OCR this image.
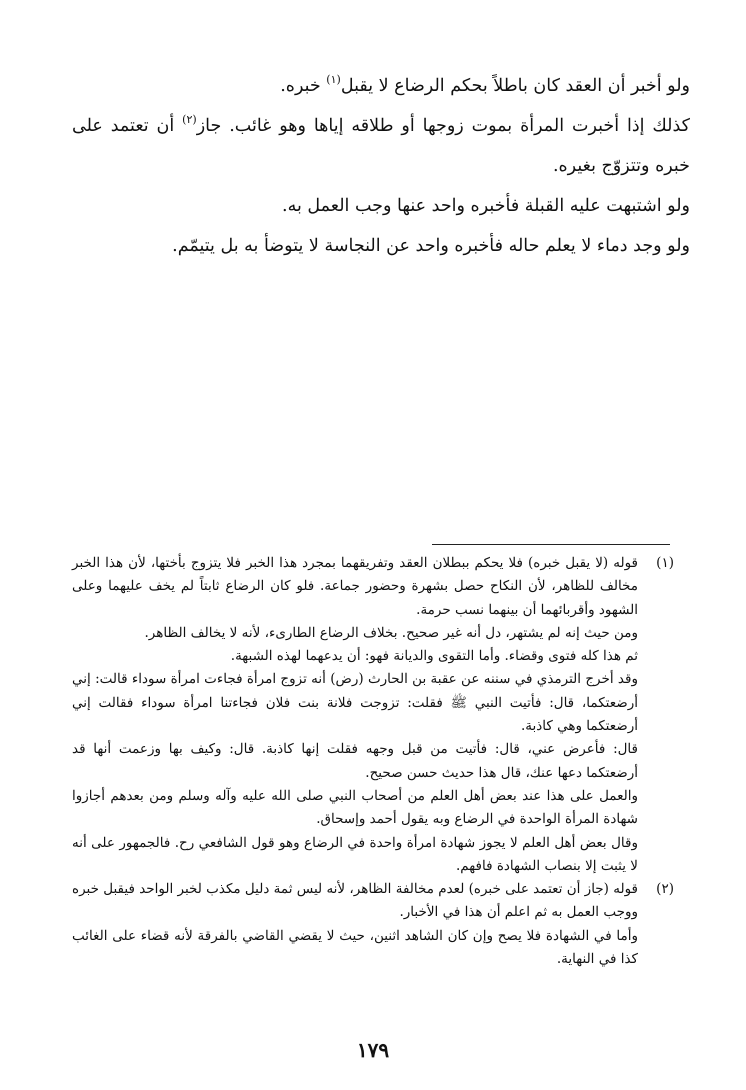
ولو أخبر أن العقد كان باطلاً بحكم الرضاع لا يقبل$^{(١)}$ خبره.

كذلك إذا أخبرت المرأة بموت زوجها أو طلاقه إياها وهو غائب. جاز$^{(٢)}$ أن تعتمد على خبره وتتزوّج بغيره.

ولو اشتبهت عليه القبلة فأخبره واحد عنها وجب العمل به.

ولو وجد دماء لا يعلم حاله فأخبره واحد عن النجاسة لا يتوضأ به بل يتيمّم.

(١)

قوله (لا يقبل خبره) فلا يحكم ببطلان العقد وتفريقهما بمجرد هذا الخبر فلا يتزوج بأختها، لأن هذا الخبر مخالف للظاهر، لأن النكاح حصل بشهرة وحضور جماعة. فلو كان الرضاع ثابتاً لم يخف عليهما وعلى الشهود وأقربائهما أن بينهما نسب حرمة.

ومن حيث إنه لم يشتهر، دل أنه غير صحيح. بخلاف الرضاع الطارىء، لأنه لا يخالف الظاهر.

ثم هذا كله فتوى وقضاء. وأما التقوى والديانة فهو: أن يدعهما لهذه الشبهة.

وقد أخرج الترمذي في سننه عن عقبة بن الحارث (رض) أنه تزوج امرأة فجاءت امرأة سوداء قالت: إني أرضعتكما، قال: فأتيت النبي ﷺ فقلت: تزوجت فلانة بنت فلان فجاءتنا امرأة سوداء فقالت إني أرضعتكما وهي كاذبة.

قال: فأعرض عني، قال: فأتيت من قبل وجهه فقلت إنها كاذبة. قال: وكيف بها وزعمت أنها قد أرضعتكما دعها عنك، قال هذا حديث حسن صحيح.

والعمل على هذا عند بعض أهل العلم من أصحاب النبي صلى الله عليه وآله وسلم ومن بعدهم أجازوا شهادة المرأة الواحدة في الرضاع وبه يقول أحمد وإسحاق.

وقال بعض أهل العلم لا يجوز شهادة امرأة واحدة في الرضاع وهو قول الشافعي رح. فالجمهور على أنه لا يثبت إلا بنصاب الشهادة فافهم.

(٢)

قوله (جاز أن تعتمد على خبره) لعدم مخالفة الظاهر، لأنه ليس ثمة دليل مكذب لخبر الواحد فيقبل خبره ووجب العمل به ثم اعلم أن هذا في الأخبار.

وأما في الشهادة فلا يصح وإن كان الشاهد اثنين، حيث لا يقضي القاضي بالفرقة لأنه قضاء على الغائب كذا في النهاية.

١٧٩
